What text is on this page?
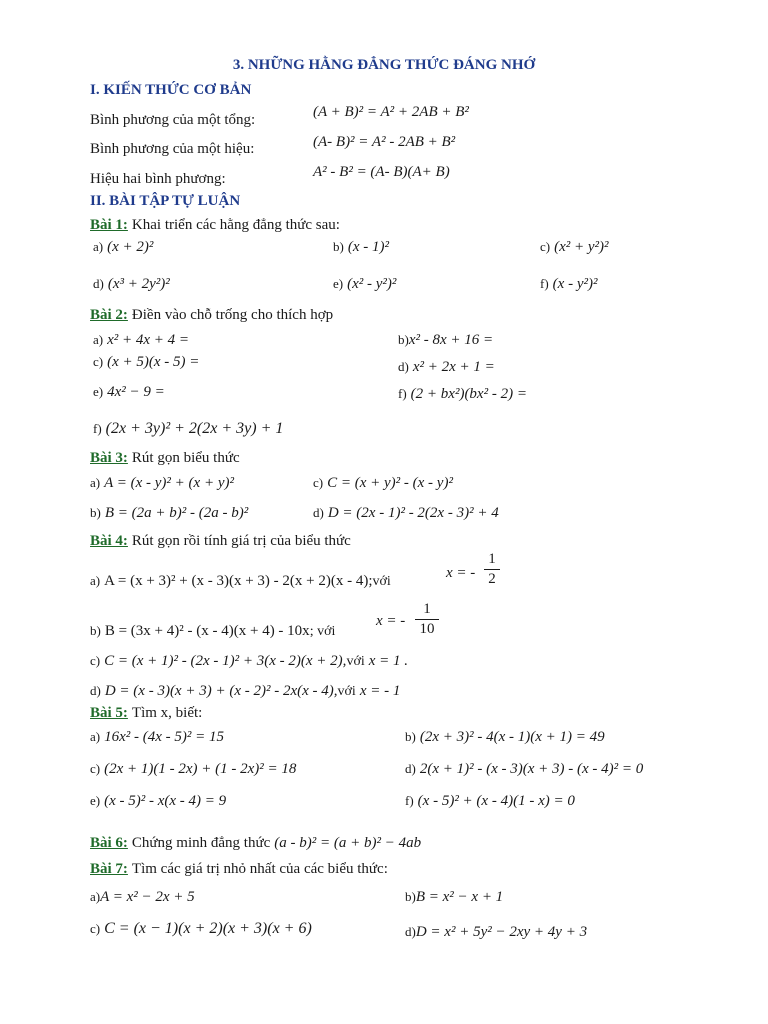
3. NHỮNG HẰNG ĐẲNG THỨC ĐÁNG NHỚ
I. KIẾN THỨC CƠ BẢN
Bình phương của một tổng:	(A + B)² = A² + 2AB + B²
Bình phương của một hiệu:	(A- B)² = A² - 2AB + B²
Hiệu hai bình phương:	A² - B² = (A- B)(A+ B)
II. BÀI TẬP TỰ LUẬN
Bài 1: Khai triển các hằng đẳng thức sau:
a) (x + 2)²	b) (x - 1)²	c) (x² + y²)²
d) (x³ + 2y²)²	e) (x² - y²)²	f) (x - y²)²
Bài 2: Điền vào chỗ trống cho thích hợp
a) x² + 4x + 4 =	b)x² - 8x + 16 =
c) (x + 5)(x - 5) =	d) x² + 2x + 1 =
e) 4x² − 9 =	f) (2 + bx²)(bx² - 2) =
f) (2x + 3y)² + 2(2x + 3y) + 1
Bài 3: Rút gọn biểu thức
a) A = (x - y)² + (x + y)²	c) C = (x + y)² - (x - y)²
b) B = (2a + b)² - (2a - b)²	d) D = (2x - 1)² - 2(2x - 3)² + 4
Bài 4: Rút gọn rồi tính giá trị của biểu thức
a) A = (x + 3)² + (x - 3)(x + 3) - 2(x + 2)(x - 4);với
x = -
1
2
b) B = (3x + 4)² - (x - 4)(x + 4) - 10x; với
x = -
1
10
c) C = (x + 1)² - (2x - 1)² + 3(x - 2)(x + 2),với x = 1 .
d) D = (x - 3)(x + 3) + (x - 2)² - 2x(x - 4),với x = - 1
Bài 5: Tìm x, biết:
a) 16x² - (4x - 5)² = 15	b) (2x + 3)² - 4(x - 1)(x + 1) = 49
c) (2x + 1)(1 - 2x) + (1 - 2x)² = 18	d) 2(x + 1)² - (x - 3)(x + 3) - (x - 4)² = 0
e) (x - 5)² - x(x - 4) = 9	f) (x - 5)² + (x - 4)(1 - x) = 0
Bài 6: Chứng minh đẳng thức (a - b)² = (a + b)² − 4ab
Bài 7: Tìm các giá trị nhỏ nhất của các biểu thức:
a)A = x² − 2x + 5	b)B = x² − x + 1
c) C = (x − 1)(x + 2)(x + 3)(x + 6)	d)D = x² + 5y² − 2xy + 4y + 3
